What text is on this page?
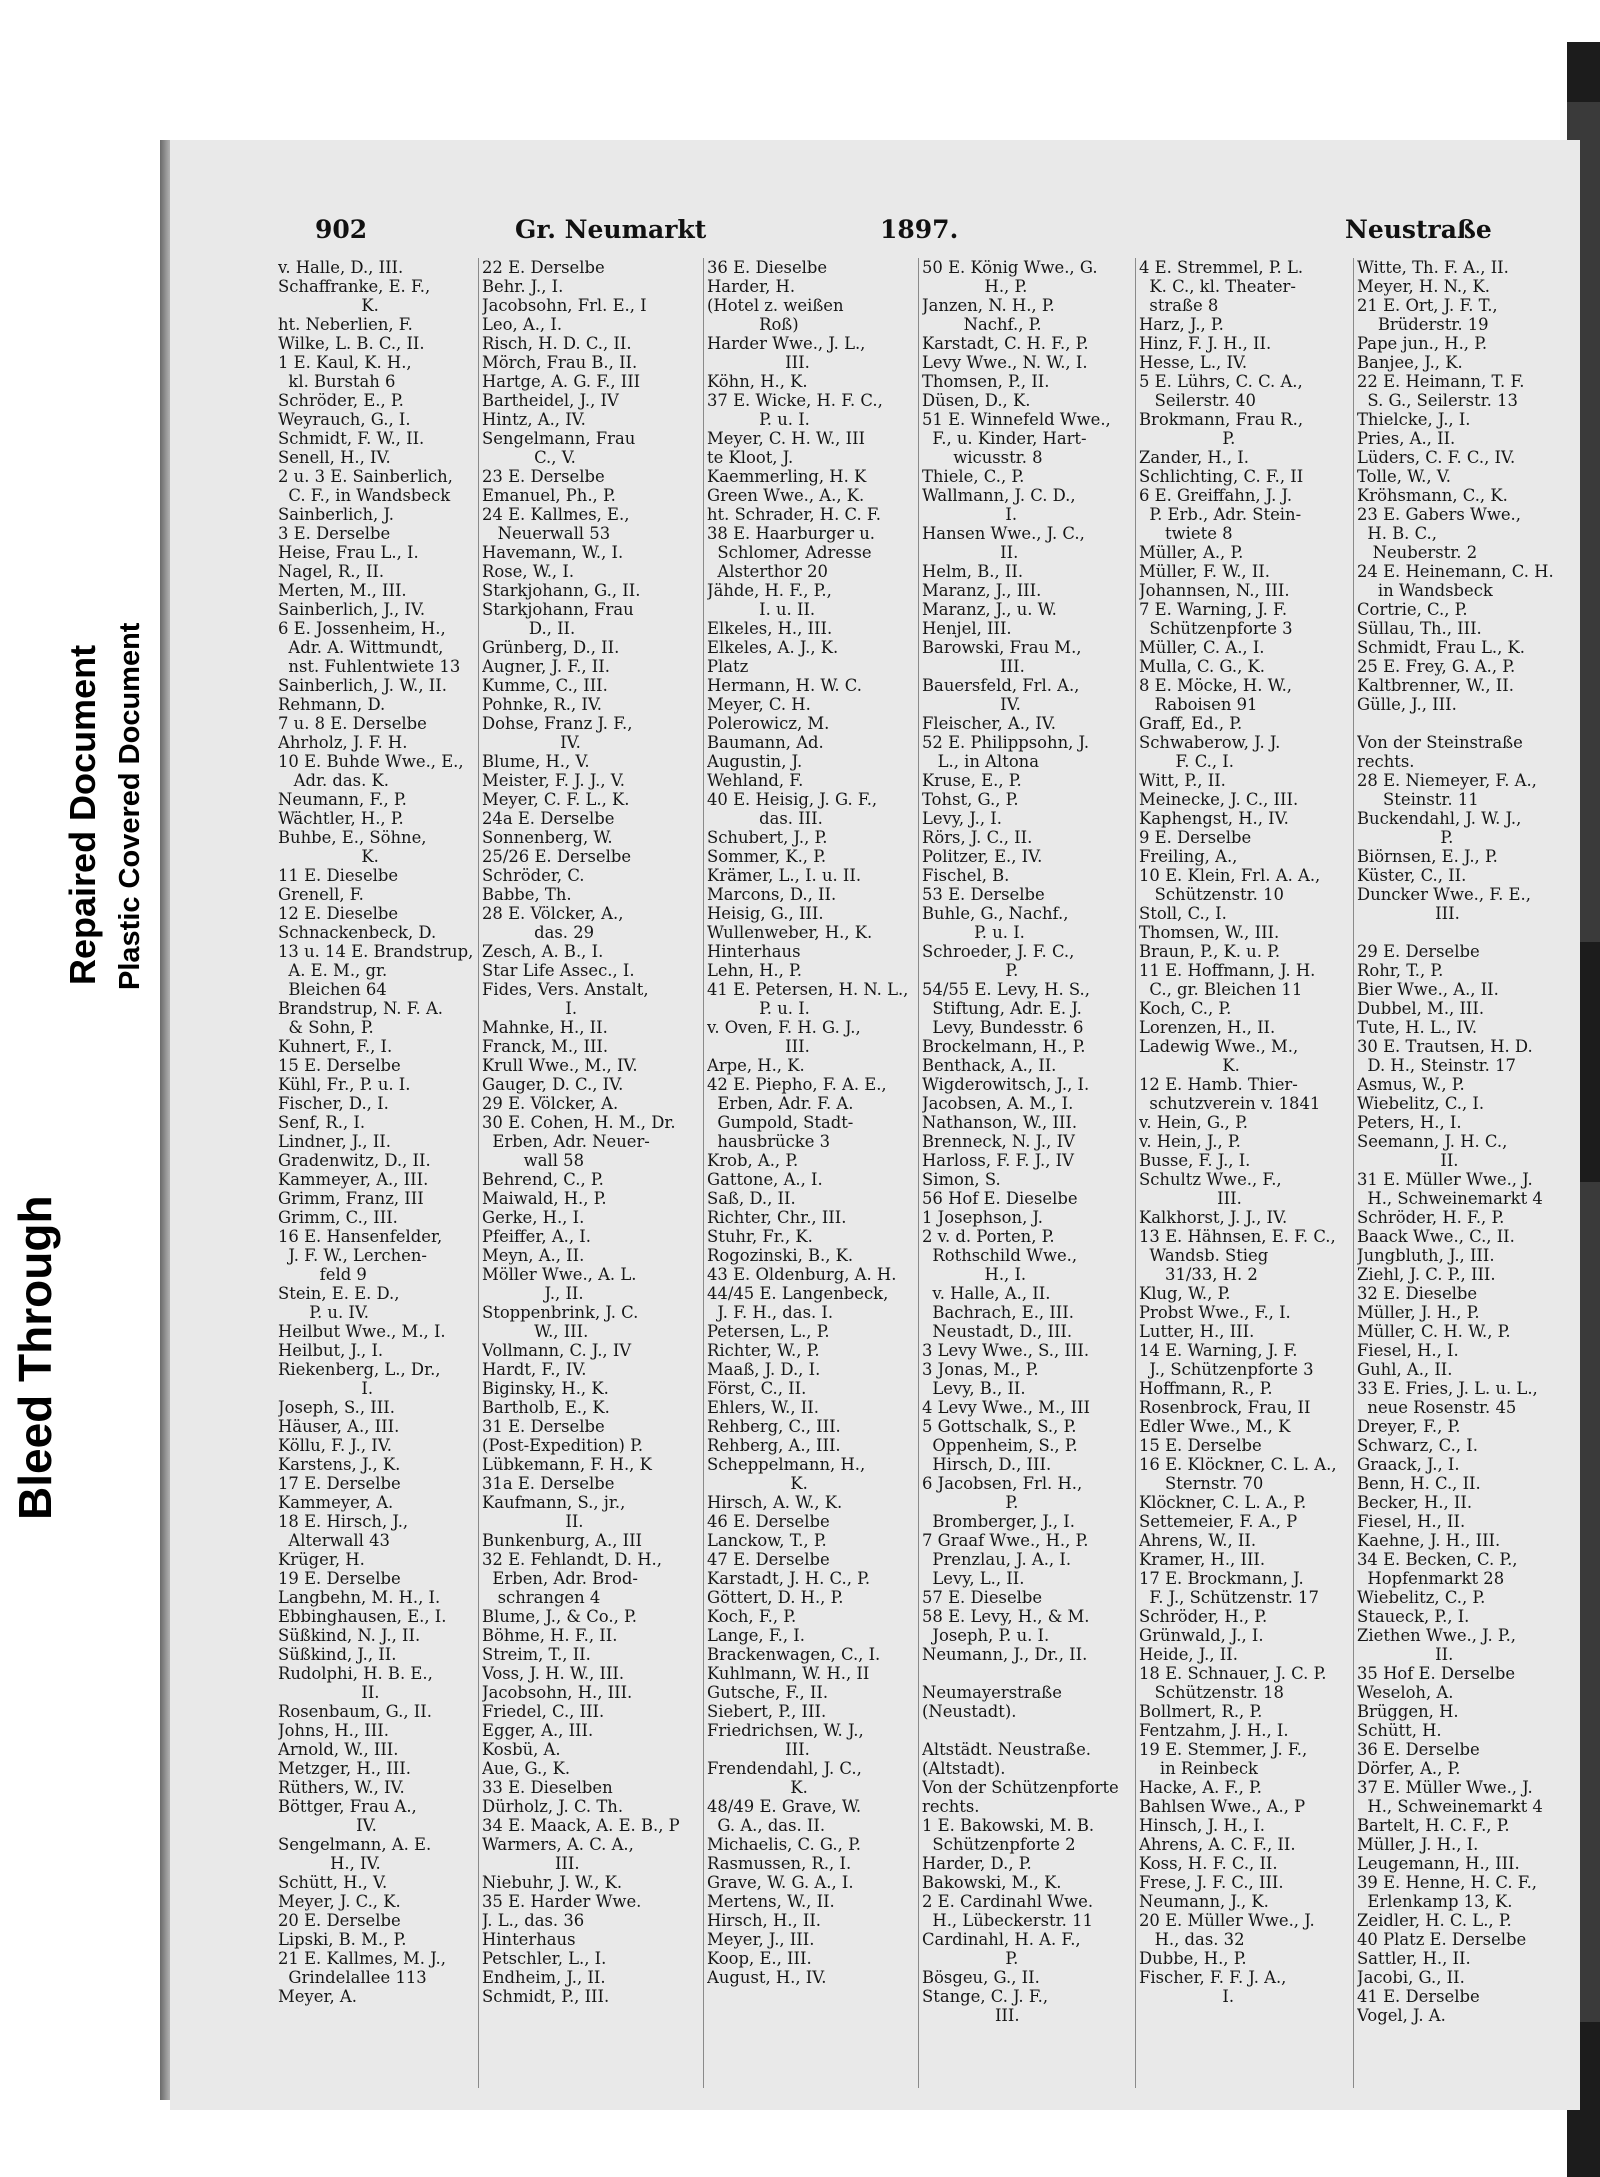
902	Gr. Neumarkt	1897.	Neustraße
v. Halle, D., III.
Schaffranke, E. F.,
K.
ht. Neberlien, F.
Wilke, L. B. C., II.
1 E. Kaul, K. H.,
kl. Burstah 6
Schröder, E., P.
Weyrauch, G., I.
Schmidt, F. W., II.
Senell, H., IV.
2 u. 3 E. Sainberlich,
C. F., in Wandsbeck
Sainberlich, J.
3 E. Derselbe
Heise, Frau L., I.
Nagel, R., II.
Merten, M., III.
Sainberlich, J., IV.
6 E. Jossenheim, H.,
Adr. A. Wittmundt,
nst. Fuhlentwiete 13
Sainberlich, J. W., II.
Rehmann, D.
7 u. 8 E. Derselbe
Ahrholz, J. F. H.
10 E. Buhde Wwe., E.,
Adr. das. K.
Neumann, F., P.
Wächtler, H., P.
Buhbe, E., Söhne,
K.
11 E. Dieselbe
Grenell, F.
12 E. Dieselbe
Schnackenbeck, D.
13 u. 14 E. Brandstrup,
A. E. M., gr.
Bleichen 64
Brandstrup, N. F. A.
& Sohn, P.
Kuhnert, F., I.
15 E. Derselbe
Kühl, Fr., P. u. I.
Fischer, D., I.
Senf, R., I.
Lindner, J., II.
Gradenwitz, D., II.
Kammeyer, A., III.
Grimm, Franz, III
Grimm, C., III.
16 E. Hansenfelder,
J. F. W., Lerchen-
feld 9
Stein, E. E. D.,
P. u. IV.
Heilbut Wwe., M., I.
Heilbut, J., I.
Riekenberg, L., Dr.,
I.
Joseph, S., III.
Häuser, A., III.
Köllu, F. J., IV.
Karstens, J., K.
17 E. Derselbe
Kammeyer, A.
18 E. Hirsch, J.,
Alterwall 43
Krüger, H.
19 E. Derselbe
Langbehn, M. H., I.
Ebbinghausen, E., I.
Süßkind, N. J., II.
Süßkind, J., II.
Rudolphi, H. B. E.,
II.
Rosenbaum, G., II.
Johns, H., III.
Arnold, W., III.
Metzger, H., III.
Rüthers, W., IV.
Böttger, Frau A.,
IV.
Sengelmann, A. E.
H., IV.
Schütt, H., V.
Meyer, J. C., K.
20 E. Derselbe
Lipski, B. M., P.
21 E. Kallmes, M. J.,
Grindelallee 113
Meyer, A.
22 E. Derselbe
Behr. J., I.
Jacobsohn, Frl. E., I
Leo, A., I.
Risch, H. D. C., II.
Mörch, Frau B., II.
Hartge, A. G. F., III
Bartheidel, J., IV
Hintz, A., IV.
Sengelmann, Frau
C., V.
23 E. Derselbe
Emanuel, Ph., P.
24 E. Kallmes, E.,
Neuerwall 53
Havemann, W., I.
Rose, W., I.
Starkjohann, G., II.
Starkjohann, Frau
D., II.
Grünberg, D., II.
Augner, J. F., II.
Kumme, C., III.
Pohnke, R., IV.
Dohse, Franz J. F.,
IV.
Blume, H., V.
Meister, F. J. J., V.
Meyer, C. F. L., K.
24a E. Derselbe
Sonnenberg, W.
25/26 E. Derselbe
Schröder, C.
Babbe, Th.
28 E. Völcker, A.,
das. 29
Zesch, A. B., I.
Star Life Assec., I.
Fides, Vers. Anstalt,
I.
Mahnke, H., II.
Franck, M., III.
Krull Wwe., M., IV.
Gauger, D. C., IV.
29 E. Völcker, A.
30 E. Cohen, H. M., Dr.
Erben, Adr. Neuer-
wall 58
Behrend, C., P.
Maiwald, H., P.
Gerke, H., I.
Pfeiffer, A., I.
Meyn, A., II.
Möller Wwe., A. L.
J., II.
Stoppenbrink, J. C.
W., III.
Vollmann, C. J., IV
Hardt, F., IV.
Biginsky, H., K.
Bartholb, E., K.
31 E. Derselbe
(Post-Expedition) P.
Lübkemann, F. H., K
31a E. Derselbe
Kaufmann, S., jr.,
II.
Bunkenburg, A., III
32 E. Fehlandt, D. H.,
Erben, Adr. Brod-
schrangen 4
Blume, J., & Co., P.
Böhme, H. F., II.
Streim, T., II.
Voss, J. H. W., III.
Jacobsohn, H., III.
Friedel, C., III.
Egger, A., III.
Kosbü, A.
Aue, G., K.
33 E. Dieselben
Dürholz, J. C. Th.
34 E. Maack, A. E. B., P
Warmers, A. C. A.,
III.
Niebuhr, J. W., K.
35 E. Harder Wwe.
J. L., das. 36
Hinterhaus
Petschler, L., I.
Endheim, J., II.
Schmidt, P., III.
36 E. Dieselbe
Harder, H.
(Hotel z. weißen
Roß)
Harder Wwe., J. L.,
III.
Köhn, H., K.
37 E. Wicke, H. F. C.,
P. u. I.
Meyer, C. H. W., III
te Kloot, J.
Kaemmerling, H. K
Green Wwe., A., K.
ht. Schrader, H. C. F.
38 E. Haarburger u.
Schlomer, Adresse
Alsterthor 20
Jähde, H. F., P.,
I. u. II.
Elkeles, H., III.
Elkeles, A. J., K.
Platz
Hermann, H. W. C.
Meyer, C. H.
Polerowicz, M.
Baumann, Ad.
Augustin, J.
Wehland, F.
40 E. Heisig, J. G. F.,
das. III.
Schubert, J., P.
Sommer, K., P.
Krämer, L., I. u. II.
Marcons, D., II.
Heisig, G., III.
Wullenweber, H., K.
Hinterhaus
Lehn, H., P.
41 E. Petersen, H. N. L.,
P. u. I.
v. Oven, F. H. G. J.,
III.
Arpe, H., K.
42 E. Piepho, F. A. E.,
Erben, Adr. F. A.
Gumpold, Stadt-
hausbrücke 3
Krob, A., P.
Gattone, A., I.
Saß, D., II.
Richter, Chr., III.
Stuhr, Fr., K.
Rogozinski, B., K.
43 E. Oldenburg, A. H.
44/45 E. Langenbeck,
J. F. H., das. I.
Petersen, L., P.
Richter, W., P.
Maaß, J. D., I.
Först, C., II.
Ehlers, W., II.
Rehberg, C., III.
Rehberg, A., III.
Scheppelmann, H.,
K.
Hirsch, A. W., K.
46 E. Derselbe
Lanckow, T., P.
47 E. Derselbe
Karstadt, J. H. C., P.
Göttert, D. H., P.
Koch, F., P.
Lange, F., I.
Brackenwagen, C., I.
Kuhlmann, W. H., II
Gutsche, F., II.
Siebert, P., III.
Friedrichsen, W. J.,
III.
Frendendahl, J. C.,
K.
48/49 E. Grave, W.
G. A., das. II.
Michaelis, C. G., P.
Rasmussen, R., I.
Grave, W. G. A., I.
Mertens, W., II.
Hirsch, H., II.
Meyer, J., III.
Koop, E., III.
August, H., IV.
50 E. König Wwe., G.
H., P.
Janzen, N. H., P.
Nachf., P.
Karstadt, C. H. F., P.
Levy Wwe., N. W., I.
Thomsen, P., II.
Düsen, D., K.
51 E. Winnefeld Wwe.,
F., u. Kinder, Hart-
wicusstr. 8
Thiele, C., P.
Wallmann, J. C. D.,
I.
Hansen Wwe., J. C.,
II.
Helm, B., II.
Maranz, J., III.
Maranz, J., u. W.
Henjel, III.
Barowski, Frau M.,
III.
Bauersfeld, Frl. A.,
IV.
Fleischer, A., IV.
52 E. Philippsohn, J.
L., in Altona
Kruse, E., P.
Tohst, G., P.
Levy, J., I.
Rörs, J. C., II.
Politzer, E., IV.
Fischel, B.
53 E. Derselbe
Buhle, G., Nachf.,
P. u. I.
Schroeder, J. F. C.,
P.
54/55 E. Levy, H. S.,
Stiftung, Adr. E. J.
Levy, Bundesstr. 6
Brockelmann, H., P.
Benthack, A., II.
Wigderowitsch, J., I.
Jacobsen, A. M., I.
Nathanson, W., III.
Brenneck, N. J., IV
Harloss, F. F. J., IV
Simon, S.
56 Hof E. Dieselbe
1 Josephson, J.
2 v. d. Porten, P.
Rothschild Wwe.,
H., I.
v. Halle, A., II.
Bachrach, E., III.
Neustadt, D., III.
3 Levy Wwe., S., III.
3 Jonas, M., P.
Levy, B., II.
4 Levy Wwe., M., III
5 Gottschalk, S., P.
Oppenheim, S., P.
Hirsch, D., III.
6 Jacobsen, Frl. H.,
P.
Bromberger, J., I.
7 Graaf Wwe., H., P.
Prenzlau, J. A., I.
Levy, L., II.
57 E. Dieselbe
58 E. Levy, H., & M.
Joseph, P. u. I.
Neumann, J., Dr., II.
Neumayerstraße
(Neustadt).
Altstädt. Neustraße.
(Altstadt).
Von der Schützenpforte
rechts.
1 E. Bakowski, M. B.
Schützenpforte 2
Harder, D., P.
Bakowski, M., K.
2 E. Cardinahl Wwe.
H., Lübeckerstr. 11
Cardinahl, H. A. F.,
P.
Bösgeu, G., II.
Stange, C. J. F.,
III.
4 E. Stremmel, P. L.
K. C., kl. Theater-
straße 8
Harz, J., P.
Hinz, F. J. H., II.
Hesse, L., IV.
5 E. Lührs, C. C. A.,
Seilerstr. 40
Brokmann, Frau R.,
P.
Zander, H., I.
Schlichting, C. F., II
6 E. Greiffahn, J. J.
P. Erb., Adr. Stein-
twiete 8
Müller, A., P.
Müller, F. W., II.
Johannsen, N., III.
7 E. Warning, J. F.
Schützenpforte 3
Müller, C. A., I.
Mulla, C. G., K.
8 E. Möcke, H. W.,
Raboisen 91
Graff, Ed., P.
Schwaberow, J. J.
F. C., I.
Witt, P., II.
Meinecke, J. C., III.
Kaphengst, H., IV.
9 E. Derselbe
Freiling, A.,
10 E. Klein, Frl. A. A.,
Schützenstr. 10
Stoll, C., I.
Thomsen, W., III.
Braun, P., K. u. P.
11 E. Hoffmann, J. H.
C., gr. Bleichen 11
Koch, C., P.
Lorenzen, H., II.
Ladewig Wwe., M.,
K.
12 E. Hamb. Thier-
schutzverein v. 1841
v. Hein, G., P.
v. Hein, J., P.
Busse, F. J., I.
Schultz Wwe., F.,
III.
Kalkhorst, J. J., IV.
13 E. Hähnsen, E. F. C.,
Wandsb. Stieg
31/33, H. 2
Klug, W., P.
Probst Wwe., F., I.
Lutter, H., III.
14 E. Warning, J. F.
J., Schützenpforte 3
Hoffmann, R., P.
Rosenbrock, Frau, II
Edler Wwe., M., K
15 E. Derselbe
16 E. Klöckner, C. L. A.,
Sternstr. 70
Klöckner, C. L. A., P.
Settemeier, F. A., P
Ahrens, W., II.
Kramer, H., III.
17 E. Brockmann, J.
F. J., Schützenstr. 17
Schröder, H., P.
Grünwald, J., I.
Heide, J., II.
18 E. Schnauer, J. C. P.
Schützenstr. 18
Bollmert, R., P.
Fentzahm, J. H., I.
19 E. Stemmer, J. F.,
in Reinbeck
Hacke, A. F., P.
Bahlsen Wwe., A., P
Hinsch, J. H., I.
Ahrens, A. C. F., II.
Koss, H. F. C., II.
Frese, J. F. C., III.
Neumann, J., K.
20 E. Müller Wwe., J.
H., das. 32
Dubbe, H., P.
Fischer, F. F. J. A.,
I.
Witte, Th. F. A., II.
Meyer, H. N., K.
21 E. Ort, J. F. T.,
Brüderstr. 19
Pape jun., H., P.
Banjee, J., K.
22 E. Heimann, T. F.
S. G., Seilerstr. 13
Thielcke, J., I.
Pries, A., II.
Lüders, C. F. C., IV.
Tolle, W., V.
Kröhsmann, C., K.
23 E. Gabers Wwe.,
H. B. C.,
Neuberstr. 2
24 E. Heinemann, C. H.
in Wandsbeck
Cortrie, C., P.
Süllau, Th., III.
Schmidt, Frau L., K.
25 E. Frey, G. A., P.
Kaltbrenner, W., II.
Gülle, J., III.
Von der Steinstraße
rechts.
28 E. Niemeyer, F. A.,
Steinstr. 11
Buckendahl, J. W. J.,
P.
Biörnsen, E. J., P.
Küster, C., II.
Duncker Wwe., F. E.,
III.
29 E. Derselbe
Rohr, T., P.
Bier Wwe., A., II.
Dubbel, M., III.
Tute, H. L., IV.
30 E. Trautsen, H. D.
D. H., Steinstr. 17
Asmus, W., P.
Wiebelitz, C., I.
Peters, H., I.
Seemann, J. H. C.,
II.
31 E. Müller Wwe., J.
H., Schweinemarkt 4
Schröder, H. F., P.
Baack Wwe., C., II.
Jungbluth, J., III.
Ziehl, J. C. P., III.
32 E. Dieselbe
Müller, J. H., P.
Müller, C. H. W., P.
Fiesel, H., I.
Guhl, A., II.
33 E. Fries, J. L. u. L.,
neue Rosenstr. 45
Dreyer, F., P.
Schwarz, C., I.
Graack, J., I.
Benn, H. C., II.
Becker, H., II.
Fiesel, H., II.
Kaehne, J. H., III.
34 E. Becken, C. P.,
Hopfenmarkt 28
Wiebelitz, C., P.
Staueck, P., I.
Ziethen Wwe., J. P.,
II.
35 Hof E. Derselbe
Weseloh, A.
Brüggen, H.
Schütt, H.
36 E. Derselbe
Dörfer, A., P.
37 E. Müller Wwe., J.
H., Schweinemarkt 4
Bartelt, H. C. F., P.
Müller, J. H., I.
Leugemann, H., III.
39 E. Henne, H. C. F.,
Erlenkamp 13, K.
Zeidler, H. C. L., P.
40 Platz E. Derselbe
Sattler, H., II.
Jacobi, G., II.
41 E. Derselbe
Vogel, J. A.
Bleed Through
Repaired Document Plastic Covered Document
